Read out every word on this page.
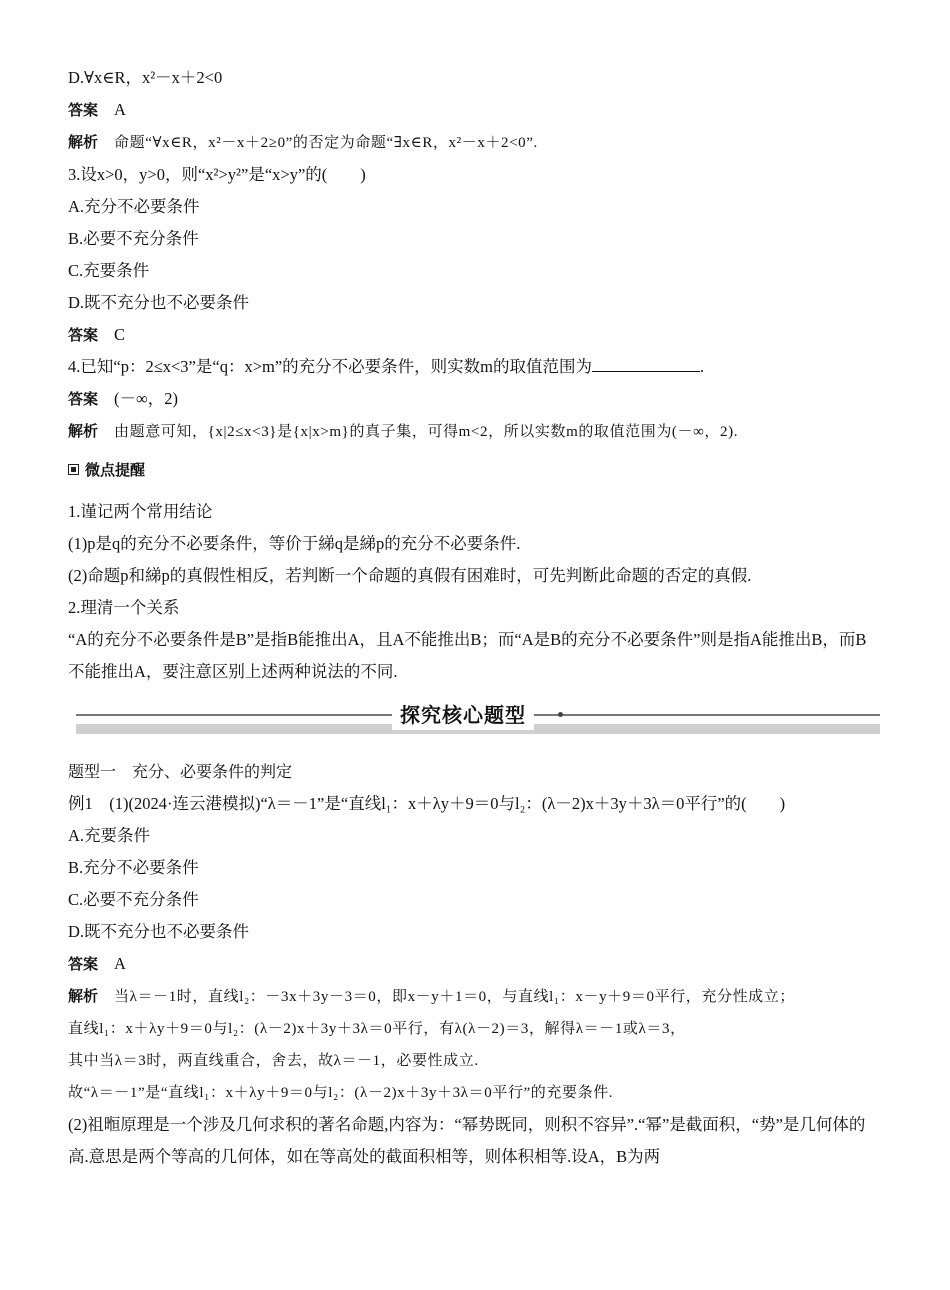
D.∀x∈R，x²－x＋2<0
答案 A
解析 命题“∀x∈R，x²－x＋2≥0”的否定为命题“∃x∈R，x²－x＋2<0”.
3.设x>0，y>0，则“x²>y²”是“x>y”的(　　)
A.充分不必要条件
B.必要不充分条件
C.充要条件
D.既不充分也不必要条件
答案 C
4.已知“p：2≤x<3”是“q：x>m”的充分不必要条件，则实数m的取值范围为	.
答案 (－∞，2)
解析 由题意可知，{x|2≤x<3}是{x|x>m}的真子集，可得m<2，所以实数m的取值范围为(－∞，2).
微点提醒
1.谨记两个常用结论
(1)p是q的充分不必要条件，等价于綈q是綈p的充分不必要条件.
(2)命题p和綈p的真假性相反，若判断一个命题的真假有困难时，可先判断此命题的否定的真假.
2.理清一个关系
“A的充分不必要条件是B”是指B能推出A，且A不能推出B；而“A是B的充分不必要条件”则是指A能推出B，而B不能推出A，要注意区别上述两种说法的不同.
探究核心题型
题型一　充分、必要条件的判定
例1　(1)(2024·连云港模拟)“λ＝－1”是“直线l₁：x＋λy＋9＝0与l₂：(λ－2)x＋3y＋3λ＝0平行”的(　　)
A.充要条件
B.充分不必要条件
C.必要不充分条件
D.既不充分也不必要条件
答案 A
解析 当λ＝－1时，直线l₂：－3x＋3y－3＝0，即x－y＋1＝0，与直线l₁：x－y＋9＝0平行，充分性成立；
直线l₁：x＋λy＋9＝0与l₂：(λ－2)x＋3y＋3λ＝0平行，有λ(λ－2)＝3，解得λ＝－1或λ＝3，
其中当λ＝3时，两直线重合，舍去，故λ＝－1，必要性成立.
故“λ＝－1”是“直线l₁：x＋λy＋9＝0与l₂：(λ－2)x＋3y＋3λ＝0平行”的充要条件.
(2)祖暅原理是一个涉及几何求积的著名命题,内容为：“幂势既同，则积不容异”.“幂”是截面积，“势”是几何体的高.意思是两个等高的几何体，如在等高处的截面积相等，则体积相等.设A，B为两
